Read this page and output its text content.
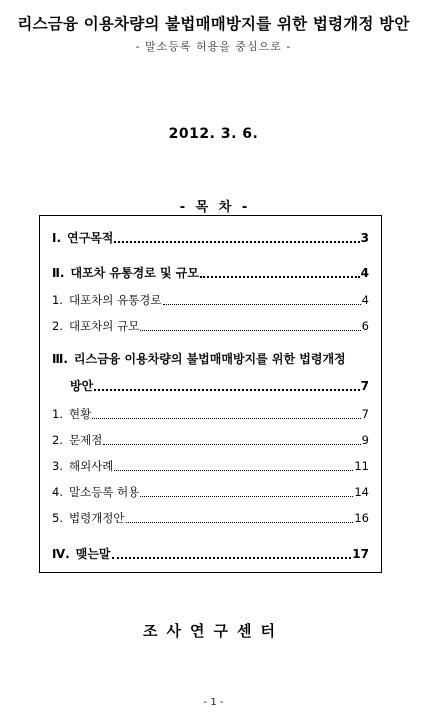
리스금융 이용차량의 불법매매방지를 위한 법령개정 방안
- 말소등록 허용을 중심으로 -
2012. 3. 6.
- 목 차 -
Ⅰ. 연구목적	3
Ⅱ. 대포차 유통경로 및 규모	4
1. 대포차의 유통경로	4
2. 대포차의 규모	6
Ⅲ. 리스금융 이용차량의 불법매매방지를 위한 법령개정
방안	7
1. 현황	7
2. 문제점	9
3. 해외사례	11
4. 말소등록 허용	14
5. 법령개정안	16
Ⅳ. 맺는말	17
조사연구센터
- 1 -
